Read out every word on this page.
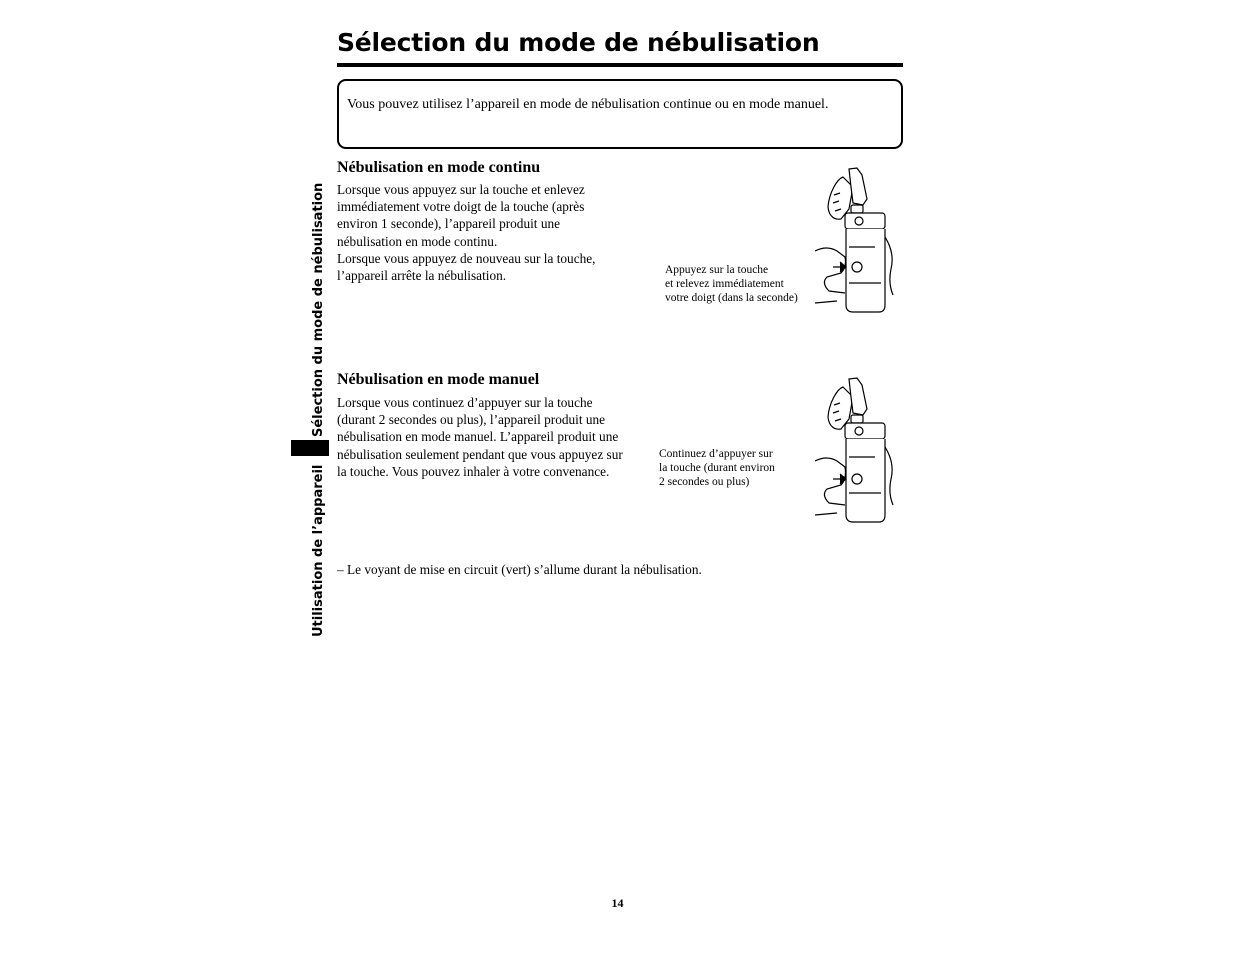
Sélection du mode de nébulisation
Vous pouvez utilisez l’appareil en mode de nébulisation continue ou en mode manuel.
Nébulisation en mode continu

Lorsque vous appuyez sur la touche et enlevez

immédiatement votre doigt de la touche (après

environ 1 seconde), l’appareil produit une

nébulisation en mode continu.

Lorsque vous appuyez de nouveau sur la touche,

l’appareil arrête la nébulisation.	Appuyez sur la touche

et relevez immédiatement

votre doigt (dans la seconde)

Nébulisation en mode manuel

Lorsque vous continuez d’appuyer sur la touche

(durant 2 secondes ou plus), l’appareil produit une

nébulisation en mode manuel. L’appareil produit une

nébulisation seulement pendant que vous appuyez sur

la touche. Vous pouvez inhaler à votre convenance.

Continuez d’appuyer sur

la touche (durant environ

2 secondes ou plus)

– Le voyant de mise en circuit (vert) s’allume durant la nébulisation.
Sélection du mode de nébulisation
Utilisation de l’appareil
14
